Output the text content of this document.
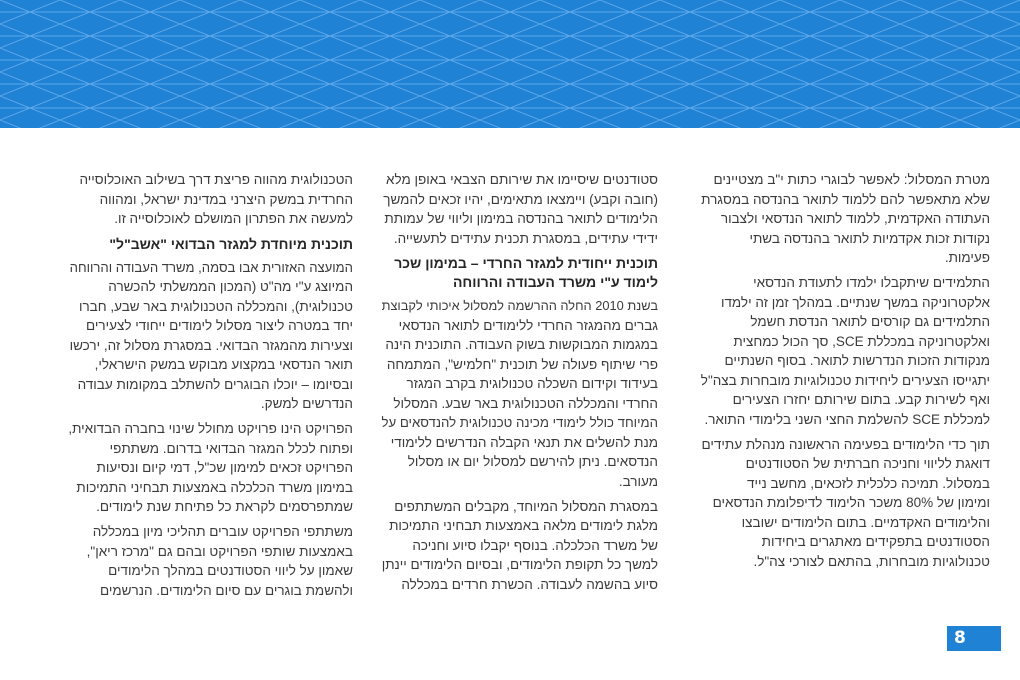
מטרת המסלול: לאפשר לבוגרי כתות י"ב מצטיינים
שלא מתאפשר להם ללמוד לתואר בהנדסה במסגרת
העתודה האקדמית, ללמוד לתואר הנדסאי ולצבור
נקודות זכות אקדמיות לתואר בהנדסה בשתי
פעימות.
התלמידים שיתקבלו ילמדו לתעודת הנדסאי
אלקטרוניקה במשך שנתיים. במהלך זמן זה ילמדו
התלמידים גם קורסים לתואר הנדסת חשמל
ואלקטרוניקה במכללת SCE, סך הכול כמחצית
מנקודות הזכות הנדרשות לתואר. בסוף השנתיים
יתגייסו הצעירים ליחידות טכנולוגיות מובחרות בצה"ל
ואף לשירות קבע. בתום שירותם יחזרו הצעירים
למכללת SCE להשלמת החצי השני בלימודי התואר.
תוך כדי הלימודים בפעימה הראשונה מנהלת עתידים
דואגת לליווי וחניכה חברתית של הסטודנטים
במסלול. תמיכה כלכלית לזכאים, מחשב נייד
ומימון של 80% משכר הלימוד לדיפלומת הנדסאים
והלימודים האקדמיים. בתום הלימודים ישובצו
הסטודנטים בתפקידים מאתגרים ביחידות
טכנולוגיות מובחרות, בהתאם לצורכי צה"ל.
סטודנטים שיסיימו את שירותם הצבאי באופן מלא
(חובה וקבע) ויימצאו מתאימים, יהיו זכאים להמשך
הלימודים לתואר בהנדסה במימון וליווי של עמותת
ידידי עתידים, במסגרת תכנית עתידים לתעשייה.
תוכנית ייחודית למגזר החרדי – במימון שכר
לימוד ע"י משרד העבודה והרווחה
בשנת 2010 החלה ההרשמה למסלול איכותי לקבוצת
גברים מהמגזר החרדי ללימודים לתואר הנדסאי
במגמות המבוקשות בשוק העבודה. התוכנית הינה
פרי שיתוף פעולה של תוכנית "חלמיש", המתמחה
בעידוד וקידום השכלה טכנולוגית בקרב המגזר
החרדי והמכללה הטכנולוגית באר שבע. המסלול
המיוחד כולל לימודי מכינה טכנולוגית להנדסאים על
מנת להשלים את תנאי הקבלה הנדרשים ללימודי
הנדסאים. ניתן להירשם למסלול יום או מסלול
מעורב.
במסגרת המסלול המיוחד, מקבלים המשתתפים
מלגת לימודים מלאה באמצעות תבחיני התמיכות
של משרד הכלכלה. בנוסף יקבלו סיוע וחניכה
למשך כל תקופת הלימודים, ובסיום הלימודים יינתן
סיוע בהשמה לעבודה. הכשרת חרדים במכללה
הטכנולוגית מהווה פריצת דרך בשילוב האוכלוסייה
החרדית במשק היצרני במדינת ישראל, ומהווה
למעשה את הפתרון המושלם לאוכלוסייה זו.
תוכנית מיוחדת למגזר הבדואי "אשב"ל"
המועצה האזורית אבו בסמה, משרד העבודה והרווחה
המיוצג ע"י מה"ט (המכון הממשלתי להכשרה
טכנולוגית), והמכללה הטכנולוגית באר שבע, חברו
יחד במטרה ליצור מסלול לימודים ייחודי לצעירים
וצעירות מהמגזר הבדואי. במסגרת מסלול זה, ירכשו
תואר הנדסאי במקצוע מבוקש במשק הישראלי,
ובסיומו – יוכלו הבוגרים להשתלב במקומות עבודה
הנדרשים למשק.
הפרויקט הינו פרויקט מחולל שינוי בחברה הבדואית,
ופתוח לכלל המגזר הבדואי בדרום. משתתפי
הפרויקט זכאים למימון שכ"ל, דמי קיום ונסיעות
במימון משרד הכלכלה באמצעות תבחיני התמיכות
שמתפרסמים לקראת כל פתיחת שנת לימודים.
משתתפי הפרויקט עוברים תהליכי מיון במכללה
באמצעות שותפי הפרויקט ובהם גם "מרכז ריאן",
שאמון על ליווי הסטודנטים במהלך הלימודים
ולהשמת בוגרים עם סיום הלימודים. הנרשמים
8
